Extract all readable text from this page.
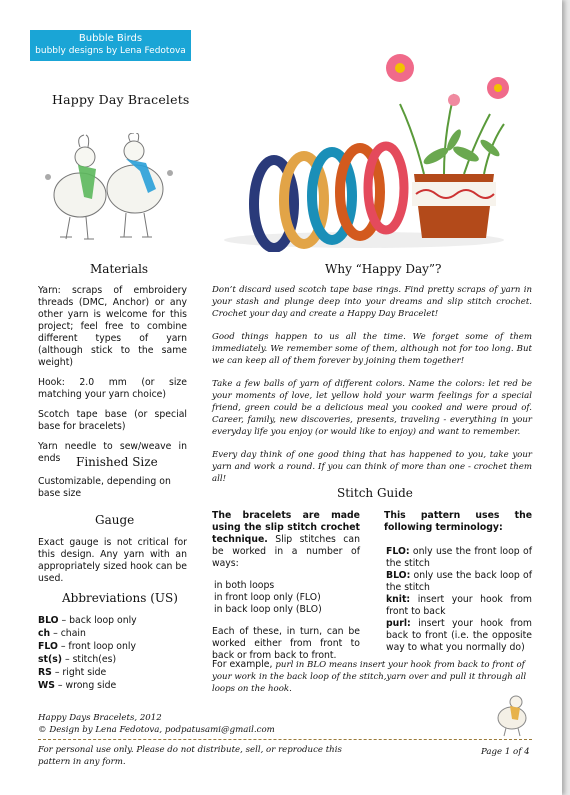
Bubble Birds
bubbly designs by Lena Fedotova
Happy Day Bracelets
Materials

Yarn: scraps of embroidery threads (DMC, Anchor) or any other yarn is welcome for this project; feel free to combine different types of yarn (although stick to the same weight)

Hook: 2.0 mm (or size matching your yarn choice)

Scotch tape base (or special base for bracelets)

Yarn needle to sew/weave in ends	Finished Size
Customizable, depending on base size
Gauge
Exact gauge is not critical for this design. Any yarn with an appropriately sized hook can be used.
Abbreviations (US)
BLO – back loop only
ch – chain
FLO – front loop only
st(s) – stitch(es)
RS – right side
WS – wrong side
Why “Happy Day”?

Don’t discard used scotch tape base rings. Find pretty scraps of yarn in your stash and plunge deep into your dreams and slip stitch crochet. Crochet your day and create a Happy Day Bracelet!

Good things happen to us all the time. We forget some of them immediately. We remember some of them, although not for too long. But we can keep all of them forever by joining them together!

Take a few balls of yarn of different colors. Name the colors: let red be your moments of love, let yellow hold your warm feelings for a special friend, green could be a delicious meal you cooked and were proud of. Career, family, new discoveries, presents, traveling - everything in your everyday life you enjoy (or would like to enjoy) and want to remember.

Every day think of one good thing that has happened to you, take your yarn and work a round. If you can think of more than one - crochet them all!

Stitch Guide

The bracelets are made using the slip stitch crochet technique. Slip stitches can be worked in a number of ways:

in both loops
in front loop only (FLO)
in back loop only (BLO)

Each of these, in turn, can be worked either from front to back or from back to front.

This pattern uses the following terminology:

FLO: only use the front loop of the stitch

BLO: only use the back loop of the stitch

knit: insert your hook from front to back

purl: insert your hook from back to front (i.e. the opposite way to what you normally do)

For example, purl in BLO means insert your hook from back to front of your work in the back loop of the stitch,yarn over and pull it through all loops on the hook.
Happy Days Bracelets, 2012
© Design by Lena Fedotova, podpatusami@gmail.com
For personal use only. Please do not distribute, sell, or reproduce this pattern in any form.
Page 1 of 4
